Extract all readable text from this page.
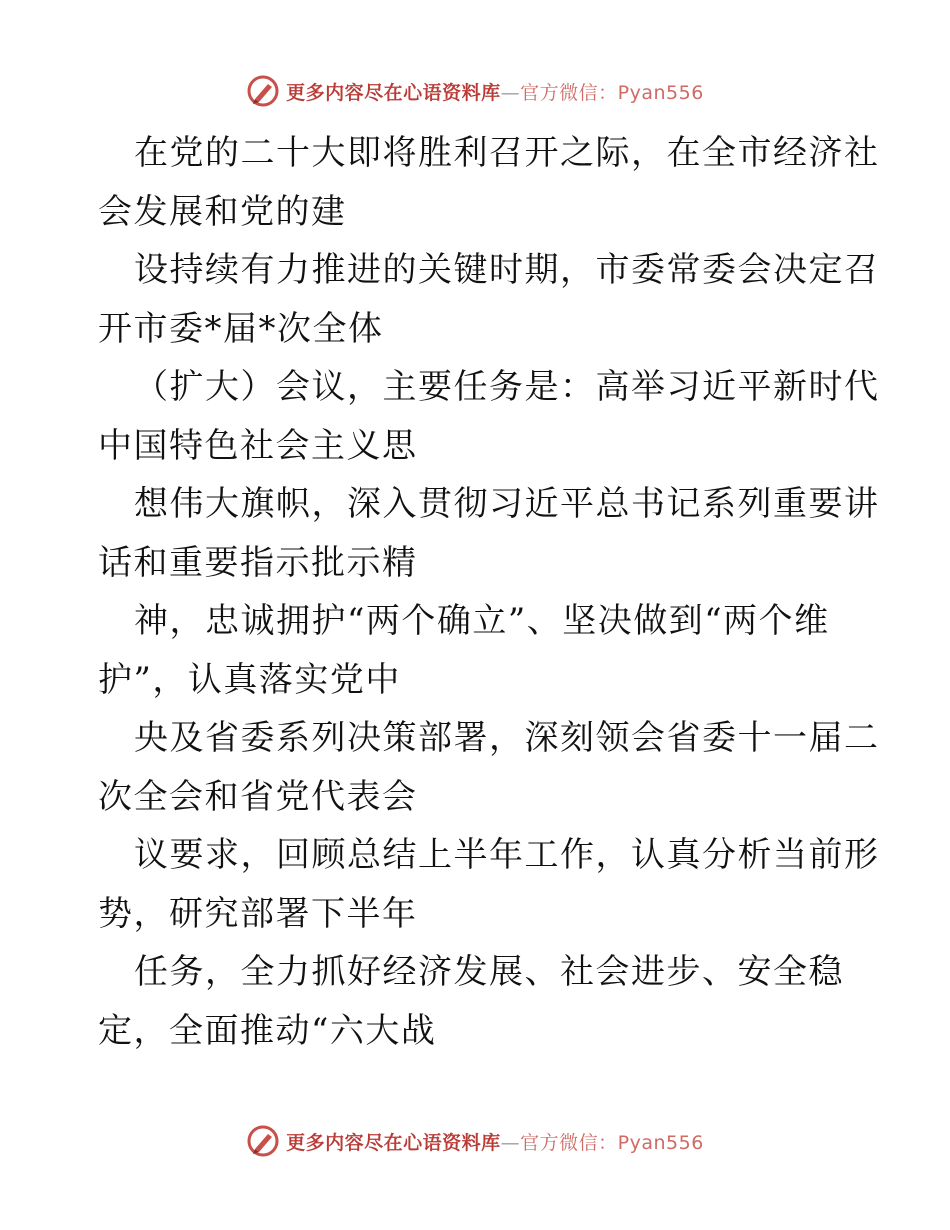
更多内容尽在心语资料库—官方微信：Pyan556
在党的二十大即将胜利召开之际，在全市经济社
会发展和党的建
设持续有力推进的关键时期，市委常委会决定召
开市委*届*次全体
（扩大）会议，主要任务是：高举习近平新时代
中国特色社会主义思
想伟大旗帜，深入贯彻习近平总书记系列重要讲
话和重要指示批示精
神，忠诚拥护“两个确立”、坚决做到“两个维
护”，认真落实党中
央及省委系列决策部署，深刻领会省委十一届二
次全会和省党代表会
议要求，回顾总结上半年工作，认真分析当前形
势，研究部署下半年
任务，全力抓好经济发展、社会进步、安全稳
定，全面推动“六大战
更多内容尽在心语资料库—官方微信：Pyan556
